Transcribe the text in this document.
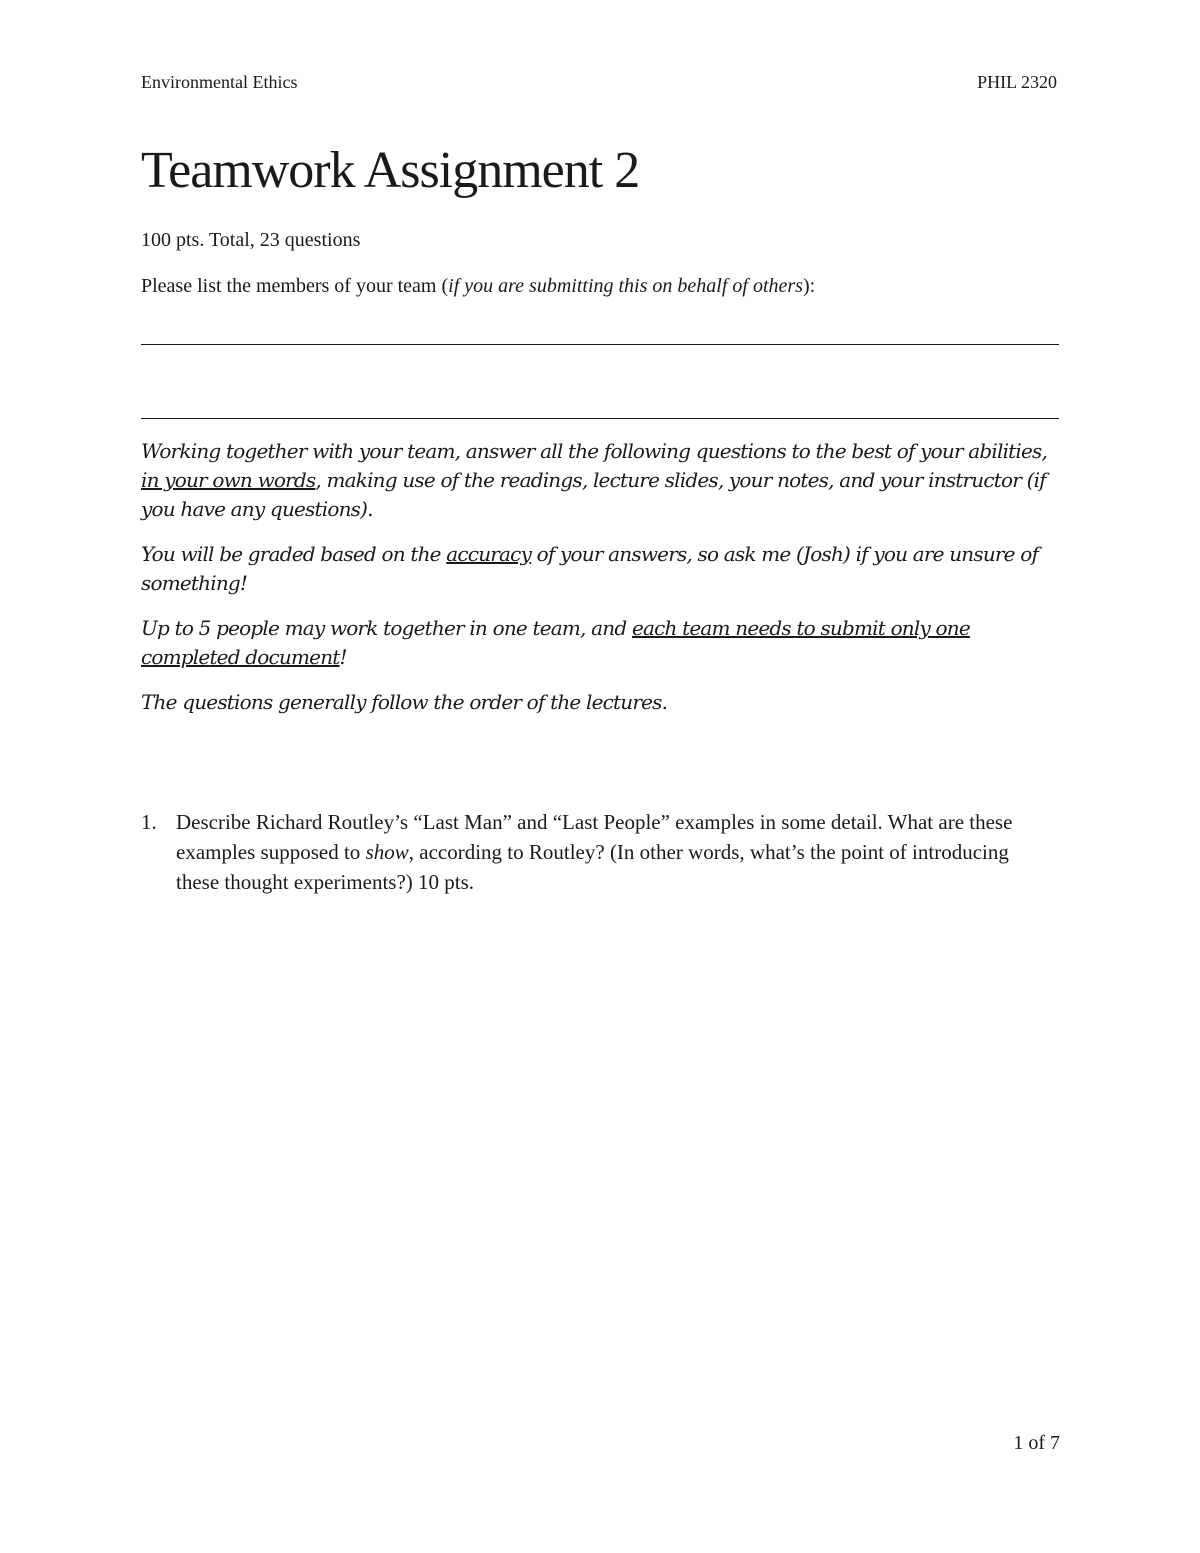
Environmental Ethics	PHIL 2320
Teamwork Assignment 2
100 pts. Total, 23 questions
Please list the members of your team (if you are submitting this on behalf of others):
Working together with your team, answer all the following questions to the best of your abilities, in your own words, making use of the readings, lecture slides, your notes, and your instructor (if you have any questions).
You will be graded based on the accuracy of your answers, so ask me (Josh) if you are unsure of something!
Up to 5 people may work together in one team, and each team needs to submit only one completed document!
The questions generally follow the order of the lectures.
1. Describe Richard Routley’s “Last Man” and “Last People” examples in some detail. What are these examples supposed to show, according to Routley? (In other words, what’s the point of introducing these thought experiments?) 10 pts.
1 of 7
